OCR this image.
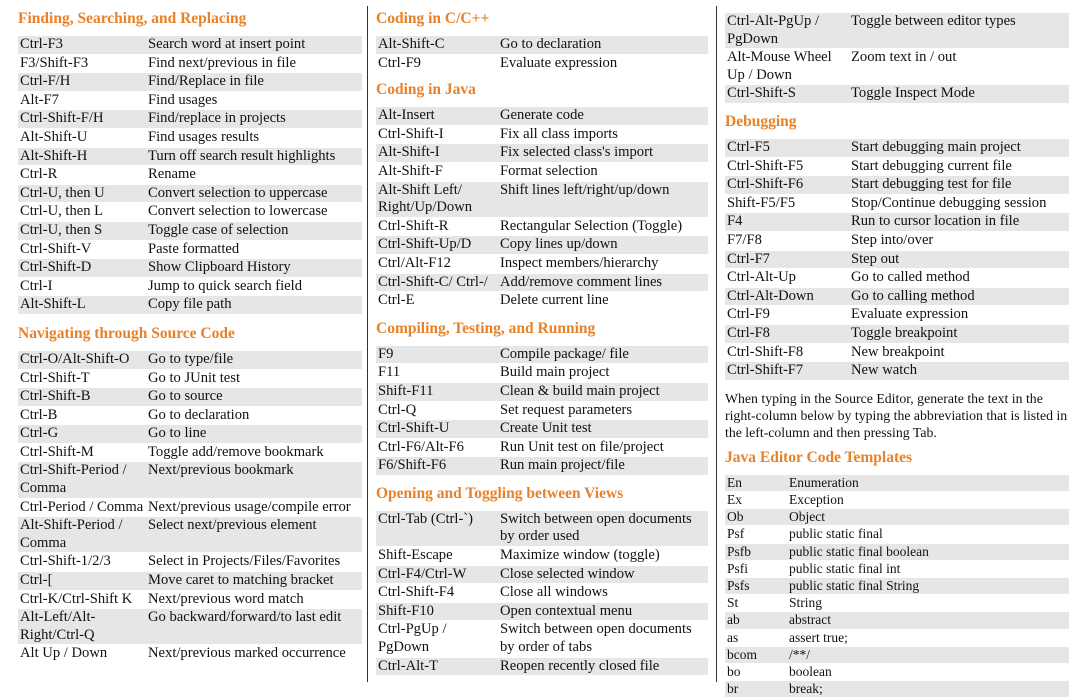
Finding, Searching, and Replacing
Ctrl-F3	Search word at insert point
F3/Shift-F3	Find next/previous in file
Ctrl-F/H	Find/Replace in file
Alt-F7	Find usages
Ctrl-Shift-F/H	Find/replace in projects
Alt-Shift-U	Find usages results
Alt-Shift-H	Turn off search result highlights
Ctrl-R	Rename
Ctrl-U, then U	Convert selection to uppercase
Ctrl-U, then L	Convert selection to lowercase
Ctrl-U, then S	Toggle case of selection
Ctrl-Shift-V	Paste formatted
Ctrl-Shift-D	Show Clipboard History
Ctrl-I	Jump to quick search field
Alt-Shift-L	Copy file path
Navigating through Source Code
Ctrl-O/Alt-Shift-O	Go to type/file
Ctrl-Shift-T	Go to JUnit test
Ctrl-Shift-B	Go to source
Ctrl-B	Go to declaration
Ctrl-G	Go to line
Ctrl-Shift-M	Toggle add/remove bookmark
Ctrl-Shift-Period / Comma	Next/previous bookmark
Ctrl-Period / Comma	Next/previous usage/compile error
Alt-Shift-Period / Comma	Select next/previous element
Ctrl-Shift-1/2/3	Select in Projects/Files/Favorites
Ctrl-[	Move caret to matching bracket
Ctrl-K/Ctrl-Shift K	Next/previous word match
Alt-Left/Alt-Right/Ctrl-Q	Go backward/forward/to last edit
Alt Up / Down	Next/previous marked occurrence
Coding in C/C++
Alt-Shift-C	Go to declaration
Ctrl-F9	Evaluate expression
Coding in Java
Alt-Insert	Generate code
Ctrl-Shift-I	Fix all class imports
Alt-Shift-I	Fix selected class's import
Alt-Shift-F	Format selection
Alt-Shift Left/ Right/Up/Down	Shift lines left/right/up/down
Ctrl-Shift-R	Rectangular Selection (Toggle)
Ctrl-Shift-Up/D	Copy lines up/down
Ctrl/Alt-F12	Inspect members/hierarchy
Ctrl-Shift-C/ Ctrl-/	Add/remove comment lines
Ctrl-E	Delete current line
Compiling, Testing, and Running
F9	Compile package/ file
F11	Build main project
Shift-F11	Clean & build main project
Ctrl-Q	Set request parameters
Ctrl-Shift-U	Create Unit test
Ctrl-F6/Alt-F6	Run Unit test on file/project
F6/Shift-F6	Run main project/file
Opening and Toggling between Views
Ctrl-Tab (Ctrl-`)	Switch between open documents by order used
Shift-Escape	Maximize window (toggle)
Ctrl-F4/Ctrl-W	Close selected window
Ctrl-Shift-F4	Close all windows
Shift-F10	Open contextual menu
Ctrl-PgUp / PgDown	Switch between open documents by order of tabs
Ctrl-Alt-T	Reopen recently closed file
Ctrl-Alt-PgUp / PgDown	Toggle between editor types
Alt-Mouse Wheel Up / Down	Zoom text in / out
Ctrl-Shift-S	Toggle Inspect Mode
Debugging
Ctrl-F5	Start debugging main project
Ctrl-Shift-F5	Start debugging current file
Ctrl-Shift-F6	Start debugging test for file
Shift-F5/F5	Stop/Continue debugging session
F4	Run to cursor location in file
F7/F8	Step into/over
Ctrl-F7	Step out
Ctrl-Alt-Up	Go to called method
Ctrl-Alt-Down	Go to calling method
Ctrl-F9	Evaluate expression
Ctrl-F8	Toggle breakpoint
Ctrl-Shift-F8	New breakpoint
Ctrl-Shift-F7	New watch

When typing in the Source Editor, generate the text in the right-column below by typing the abbreviation that is listed in the left-column and then pressing Tab.

Java Editor Code Templates
En	Enumeration
Ex	Exception
Ob	Object
Psf	public static final
Psfb	public static final boolean
Psfi	public static final int
Psfs	public static final String
St	String
ab	abstract
as	assert true;
bcom	/**/
bo	boolean
br	break;
